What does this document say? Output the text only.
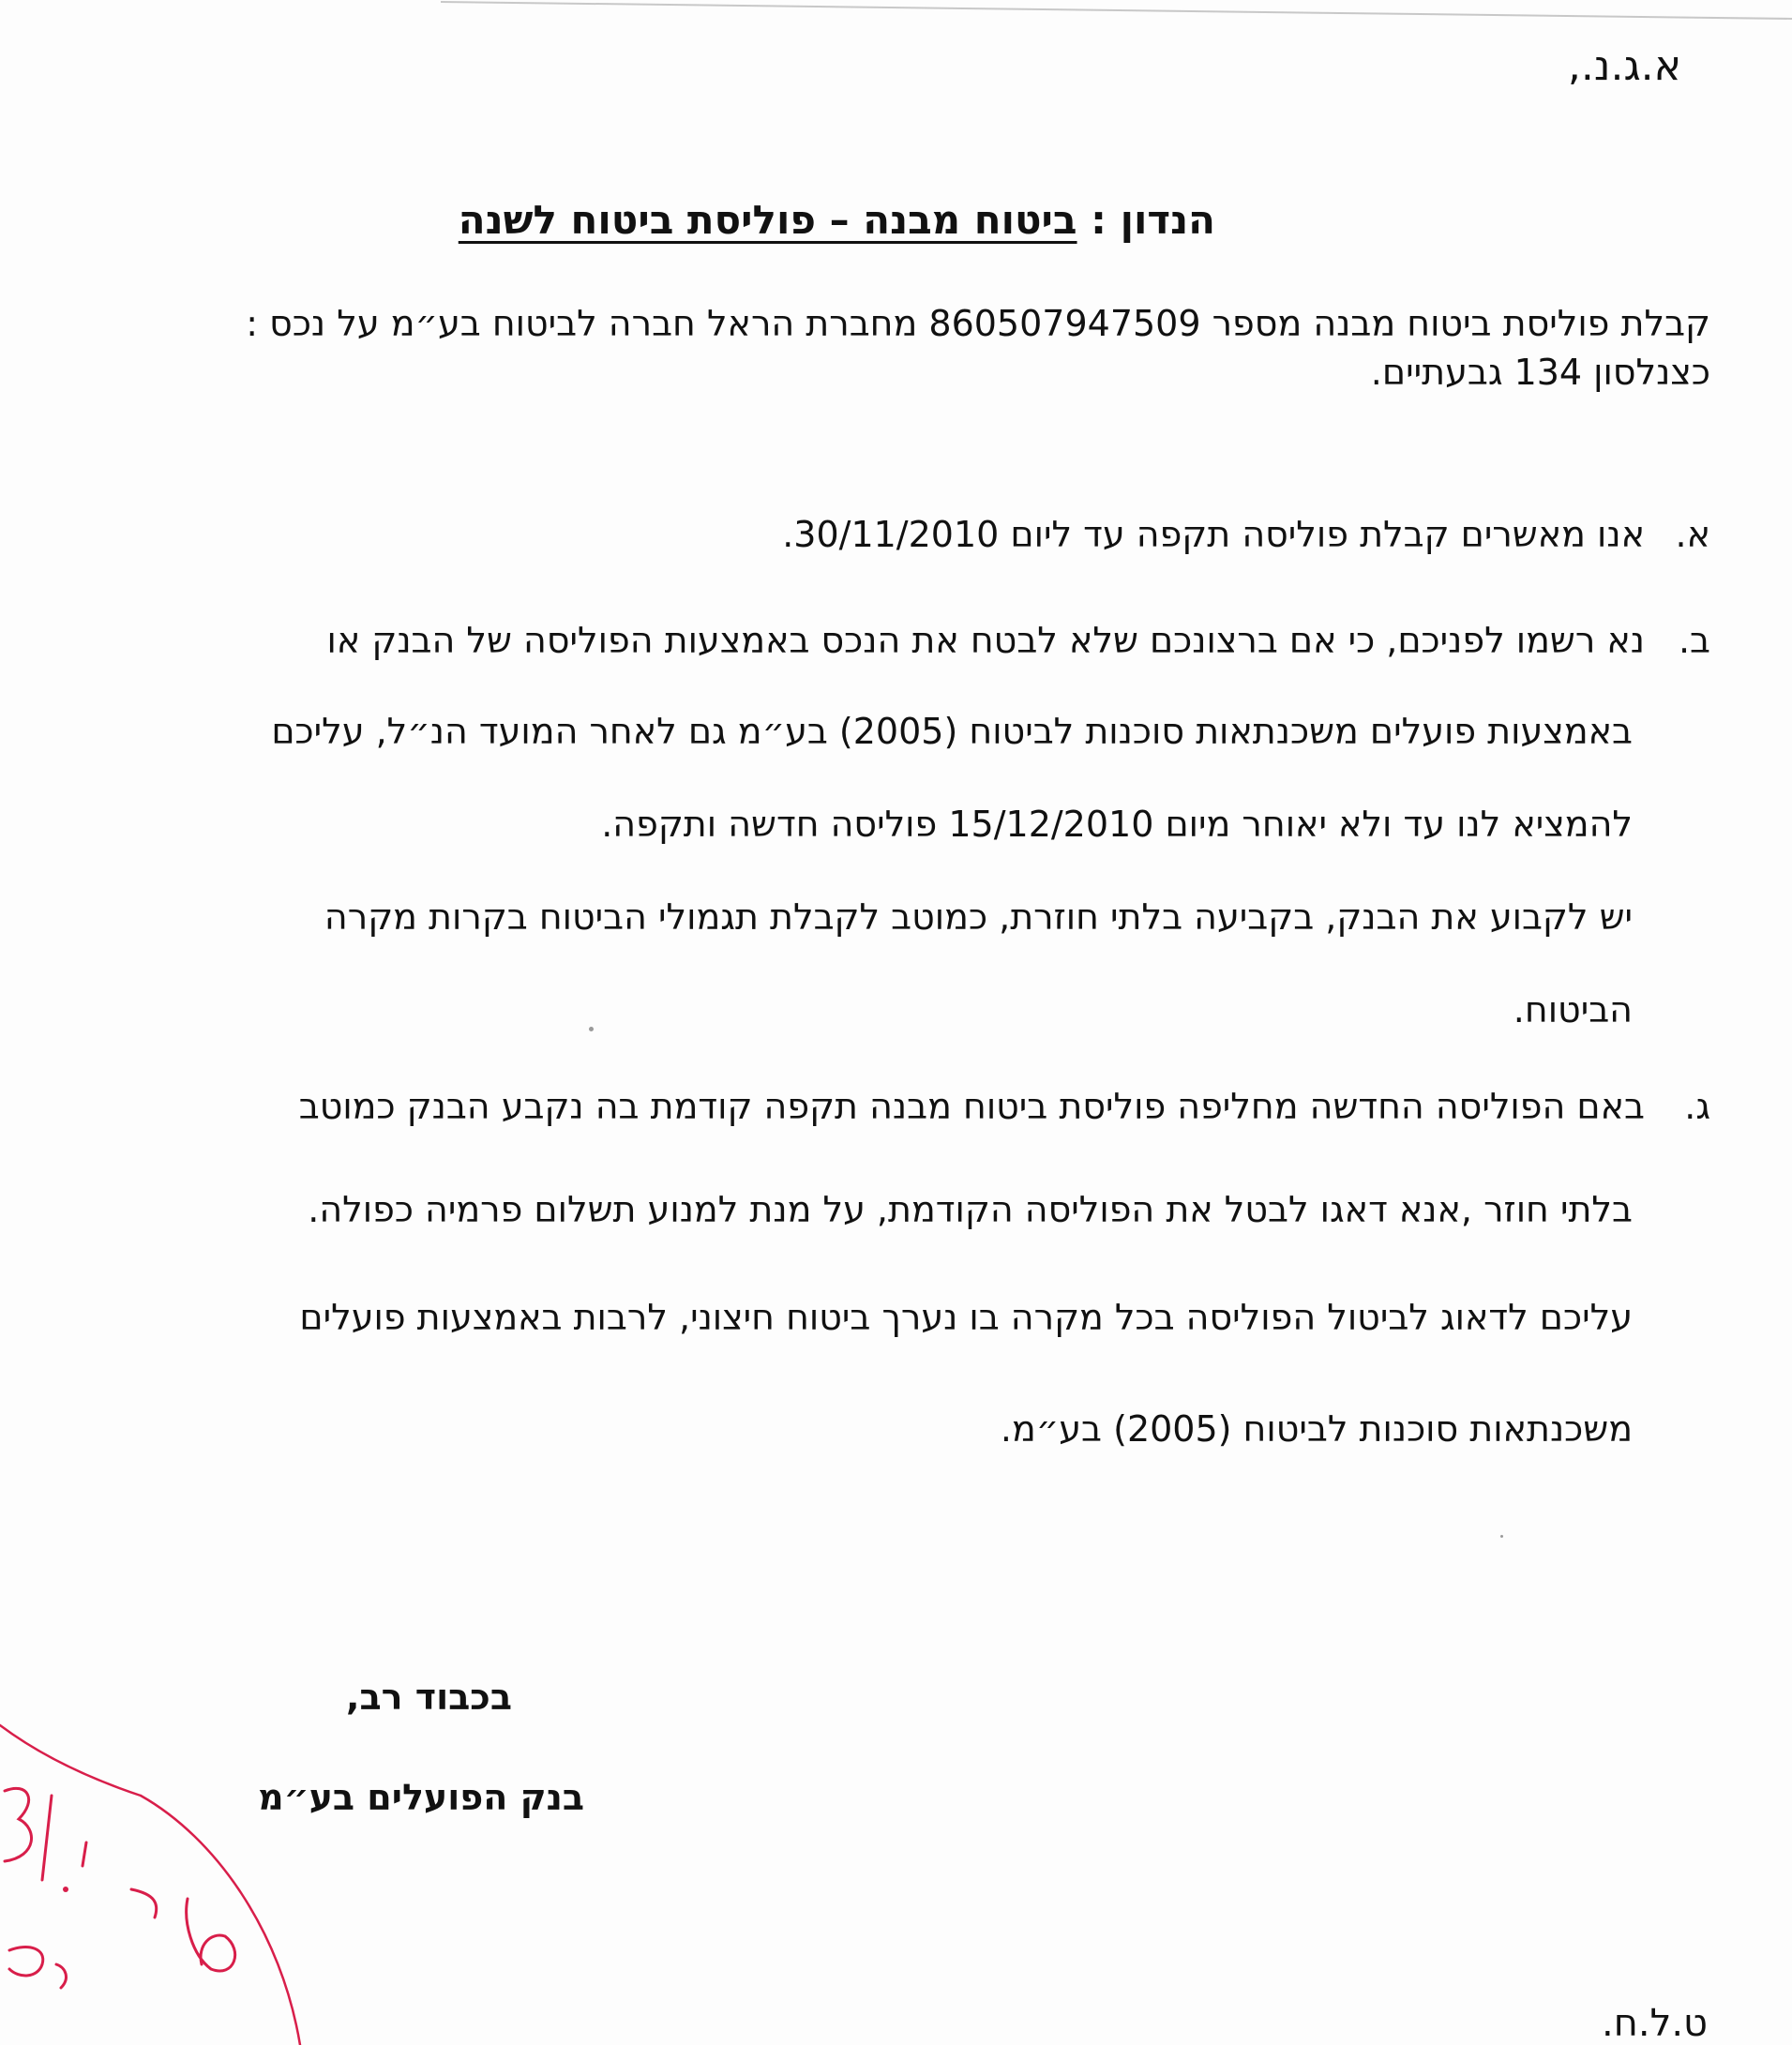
א.ג.נ.,
הנדון : ביטוח מבנה – פוליסת ביטוח לשנה
קבלת פוליסת ביטוח מבנה מספר 860507947509 מחברת הראל חברה לביטוח בע״מ על נכס :
כצנלסון 134 גבעתיים.
א.אנו מאשרים קבלת פוליסה תקפה עד ליום 30/11/2010.
ב.נא רשמו לפניכם, כי אם ברצונכם שלא לבטח את הנכס באמצעות הפוליסה של הבנק או
באמצעות פועלים משכנתאות סוכנות לביטוח (2005) בע״מ גם לאחר המועד הנ״ל, עליכם
להמציא לנו עד ולא יאוחר מיום 15/12/2010 פוליסה חדשה ותקפה.
יש לקבוע את הבנק, בקביעה בלתי חוזרת, כמוטב לקבלת תגמולי הביטוח בקרות מקרה
הביטוח.
ג.באם הפוליסה החדשה מחליפה פוליסת ביטוח מבנה תקפה קודמת בה נקבע הבנק כמוטב
בלתי חוזר ,אנא דאגו לבטל את הפוליסה הקודמת, על מנת למנוע תשלום פרמיה כפולה.
עליכם לדאוג לביטול הפוליסה בכל מקרה בו נערך ביטוח חיצוני, לרבות באמצעות פועלים
משכנתאות סוכנות לביטוח (2005) בע״מ.
בכבוד רב,
בנק הפועלים בע״מ
ט.ל.ח.
